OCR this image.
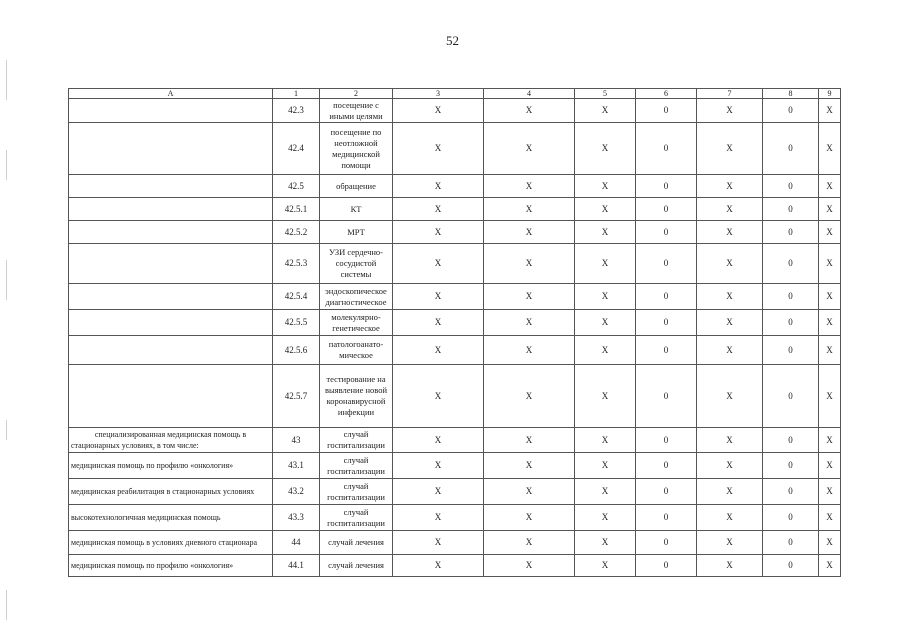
52
А	1	2	3	4	5	6	7	8	9
	42.3	посещение с иными целями	X	X	X	0	X	0	X
	42.4	посещение по неотложной медицинской помощи	X	X	X	0	X	0	X
	42.5	обращение	X	X	X	0	X	0	X
	42.5.1	КТ	X	X	X	0	X	0	X
	42.5.2	МРТ	X	X	X	0	X	0	X
	42.5.3	УЗИ сердечно-сосудистой системы	X	X	X	0	X	0	X
	42.5.4	эндоскопическое диагностическое	X	X	X	0	X	0	X
	42.5.5	молекулярно-генетическое	X	X	X	0	X	0	X
	42.5.6	патологоанато-мическое	X	X	X	0	X	0	X
	42.5.7	тестирование на выявление новой коронавирусной инфекции	X	X	X	0	X	0	X
специализированная медицинская помощь в стационарных условиях, в том числе:	43	случай госпитализации	X	X	X	0	X	0	X
медицинская помощь по профилю «онкология»	43.1	случай госпитализации	X	X	X	0	X	0	X
медицинская реабилитация в стационарных условиях	43.2	случай госпитализации	X	X	X	0	X	0	X
высокотехнологичная медицинская помощь	43.3	случай госпитализации	X	X	X	0	X	0	X
медицинская помощь в условиях дневного стационара	44	случай лечения	X	X	X	0	X	0	X
медицинская помощь по профилю «онкология»	44.1	случай лечения	X	X	X	0	X	0	X
